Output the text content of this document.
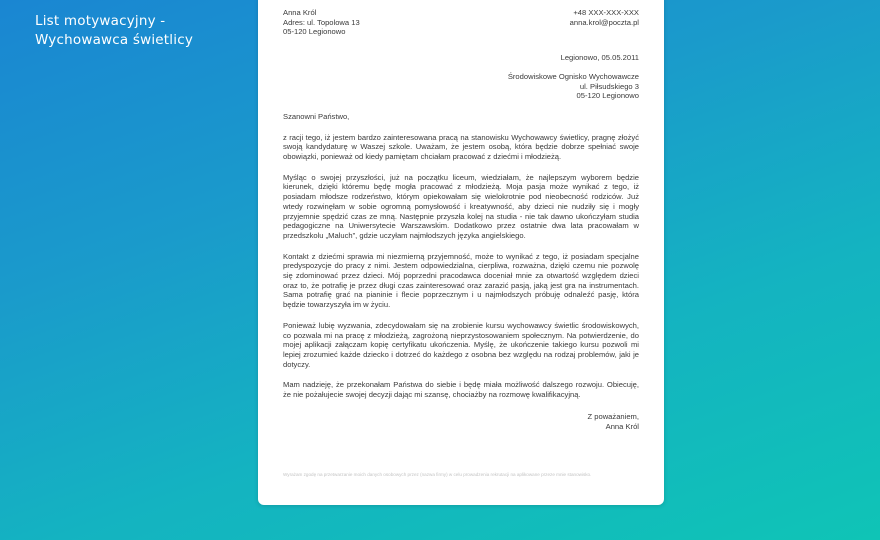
List motywacyjny -
Wychowawca świetlicy
Anna Król
Adres: ul. Topolowa 13
05-120 Legionowo
+48 XXX-XXX-XXX
anna.krol@poczta.pl
Legionowo, 05.05.2011
Środowiskowe Ognisko Wychowawcze
ul. Piłsudskiego 3
05-120 Legionowo
Szanowni Państwo,

z racji tego, iż jestem bardzo zainteresowana pracą na stanowisku Wychowawcy świetlicy, pragnę złożyć swoją kandydaturę w Waszej szkole. Uważam, że jestem osobą, która będzie dobrze spełniać swoje obowiązki, ponieważ od kiedy pamiętam chciałam pracować z dziećmi i młodzieżą.

Myśląc o swojej przyszłości, już na początku liceum, wiedziałam, że najlepszym wyborem będzie kierunek, dzięki któremu będę mogła pracować z młodzieżą. Moja pasja może wynikać z tego, iż posiadam młodsze rodzeństwo, którym opiekowałam się wielokrotnie pod nieobecność rodziców. Już wtedy rozwinęłam w sobie ogromną pomysłowość i kreatywność, aby dzieci nie nudziły się i mogły przyjemnie spędzić czas ze mną. Następnie przyszła kolej na studia - nie tak dawno ukończyłam studia pedagogiczne na Uniwersytecie Warszawskim. Dodatkowo przez ostatnie dwa lata pracowałam w przedszkolu „Maluch”, gdzie uczyłam najmłodszych języka angielskiego.

Kontakt z dziećmi sprawia mi niezmierną przyjemność, może to wynikać z tego, iż posiadam specjalne predyspozycje do pracy z nimi. Jestem odpowiedzialna, cierpliwa, rozważna, dzięki czemu nie pozwolę się zdominować przez dzieci. Mój poprzedni pracodawca doceniał mnie za otwartość względem dzieci oraz to, że potrafię je przez długi czas zainteresować oraz zarazić pasją, jaką jest gra na instrumentach. Sama potrafię grać na pianinie i flecie poprzecznym i u najmłodszych próbuję odnaleźć pasję, która będzie towarzyszyła im w życiu.

Ponieważ lubię wyzwania, zdecydowałam się na zrobienie kursu wychowawcy świetlic środowiskowych, co pozwala mi na pracę z młodzieżą, zagrożoną nieprzystosowaniem społecznym. Na potwierdzenie, do mojej aplikacji załączam kopię certyfikatu ukończenia. Myślę, że ukończenie takiego kursu pozwoli mi lepiej zrozumieć każde dziecko i dotrzeć do każdego z osobna bez względu na rodzaj problemów, jaki je dotyczy.

Mam nadzieję, że przekonałam Państwa do siebie i będę miała możliwość dalszego rozwoju. Obiecuję, że nie pożałujecie swojej decyzji dając mi szansę, chociażby na rozmowę kwalifikacyjną.

Z poważaniem,
Anna Król
Wyrażam zgodę na przetwarzanie moich danych osobowych przez (nazwa firmy) w celu prowadzenia rekrutacji na aplikowane przeze mnie stanowisko.
